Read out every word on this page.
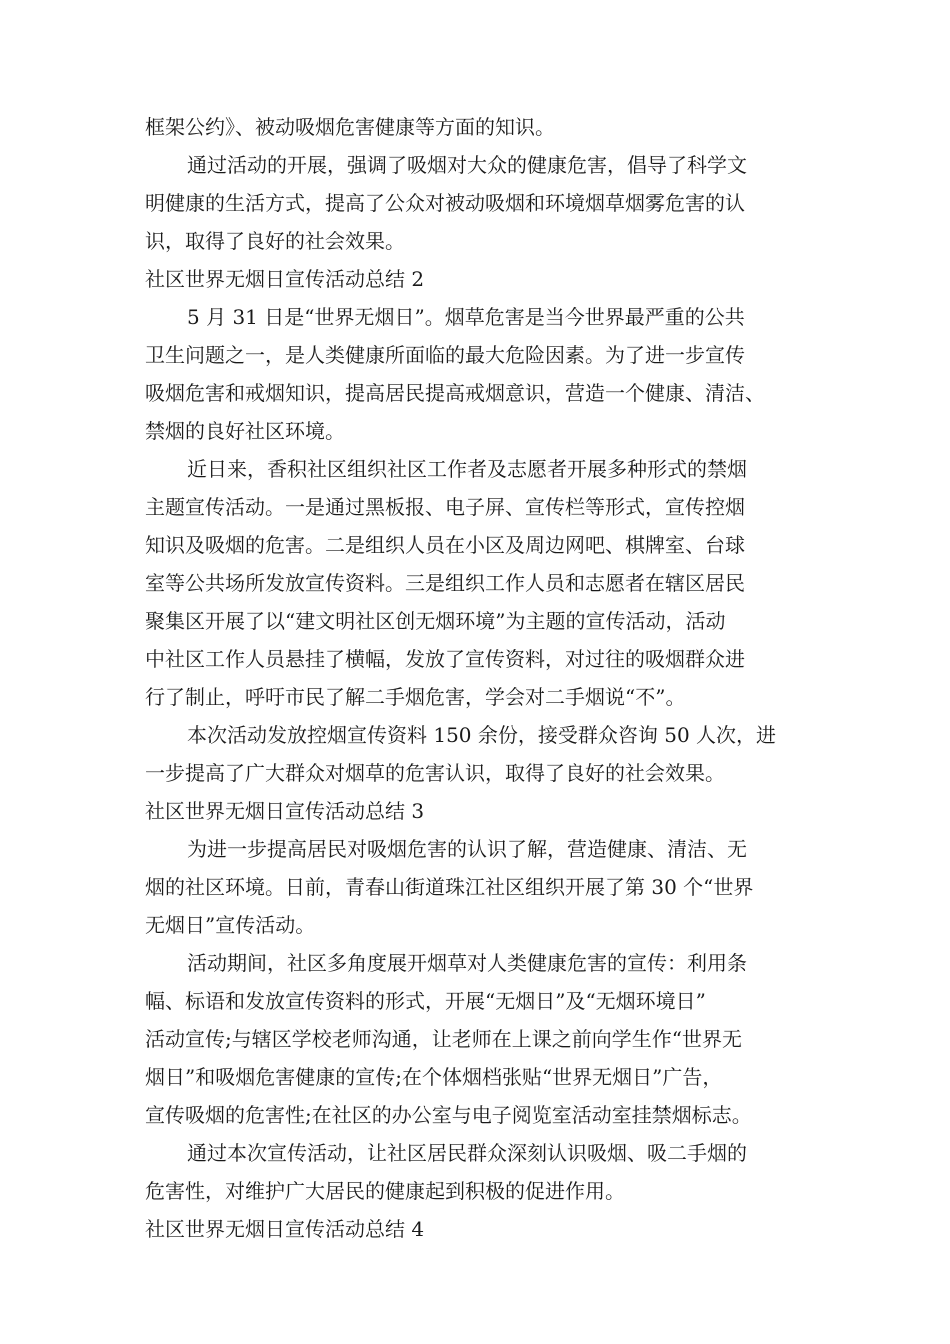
框架公约》、被动吸烟危害健康等方面的知识。
通过活动的开展，强调了吸烟对大众的健康危害，倡导了科学文
明健康的生活方式，提高了公众对被动吸烟和环境烟草烟雾危害的认
识，取得了良好的社会效果。
社区世界无烟日宣传活动总结 2
5 月 31 日是“世界无烟日”。烟草危害是当今世界最严重的公共
卫生问题之一，是人类健康所面临的最大危险因素。为了进一步宣传
吸烟危害和戒烟知识，提高居民提高戒烟意识，营造一个健康、清洁、
禁烟的良好社区环境。
近日来，香积社区组织社区工作者及志愿者开展多种形式的禁烟
主题宣传活动。一是通过黑板报、电子屏、宣传栏等形式，宣传控烟
知识及吸烟的危害。二是组织人员在小区及周边网吧、棋牌室、台球
室等公共场所发放宣传资料。三是组织工作人员和志愿者在辖区居民
聚集区开展了以“建文明社区创无烟环境”为主题的宣传活动，活动
中社区工作人员悬挂了横幅，发放了宣传资料，对过往的吸烟群众进
行了制止，呼吁市民了解二手烟危害，学会对二手烟说“不”。
本次活动发放控烟宣传资料 150 余份，接受群众咨询 50 人次，进
一步提高了广大群众对烟草的危害认识，取得了良好的社会效果。
社区世界无烟日宣传活动总结 3
为进一步提高居民对吸烟危害的认识了解，营造健康、清洁、无
烟的社区环境。日前，青春山街道珠江社区组织开展了第 30 个“世界
无烟日”宣传活动。
活动期间，社区多角度展开烟草对人类健康危害的宣传：利用条
幅、标语和发放宣传资料的形式，开展“无烟日”及“无烟环境日”
活动宣传;与辖区学校老师沟通，让老师在上课之前向学生作“世界无
烟日”和吸烟危害健康的宣传;在个体烟档张贴“世界无烟日”广告，
宣传吸烟的危害性;在社区的办公室与电子阅览室活动室挂禁烟标志。
通过本次宣传活动，让社区居民群众深刻认识吸烟、吸二手烟的
危害性，对维护广大居民的健康起到积极的促进作用。
社区世界无烟日宣传活动总结 4
